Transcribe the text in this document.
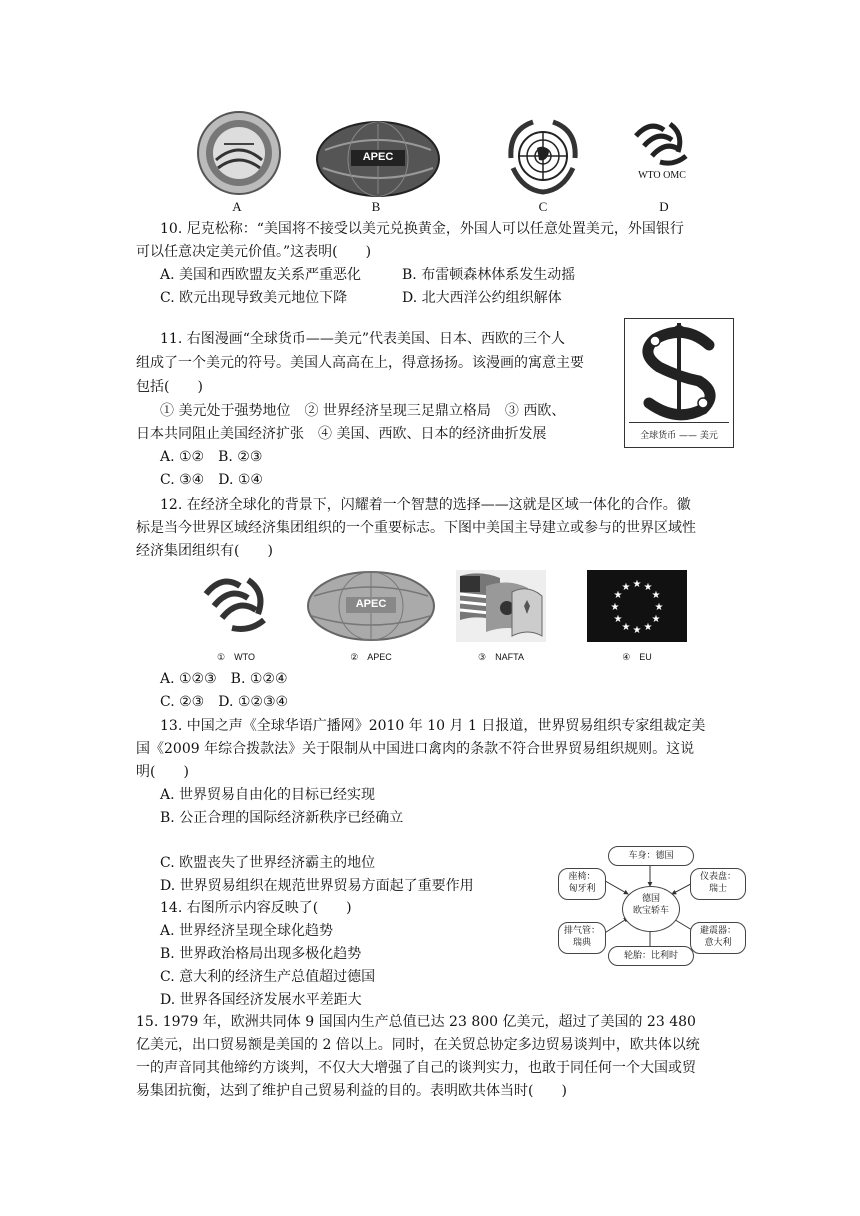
A
APEC
B	C
WTO OMC
D
10. 尼克松称：“美国将不接受以美元兑换黄金，外国人可以任意处置美元，外国银行
可以任意决定美元价值。”这表明(　　)
A. 美国和西欧盟友关系严重恶化	B. 布雷顿森林体系发生动摇
C. 欧元出现导致美元地位下降	D. 北大西洋公约组织解体
11. 右图漫画“全球货币——美元”代表美国、日本、西欧的三个人
组成了一个美元的符号。美国人高高在上，得意扬扬。该漫画的寓意主要
包括(　　)
① 美元处于强势地位　② 世界经济呈现三足鼎立格局　③ 西欧、
日本共同阻止美国经济扩张　④ 美国、西欧、日本的经济曲折发展
A. ①②　B. ②③
C. ③④　D. ①④
全球货币 —— 美元
12. 在经济全球化的背景下，闪耀着一个智慧的选择——这就是区域一体化的合作。徽
标是当今世界区域经济集团组织的一个重要标志。下图中美国主导建立或参与的世界区域性
经济集团组织有(　　)
①　WTO
APEC
②　APEC	③　NAFTA
★ ★
★
★
★
★
★
★
★
★
★
★
④　EU
A. ①②③　B. ①②④
C. ②③　D. ①②③④
13. 中国之声《全球华语广播网》2010 年 10 月 1 日报道，世界贸易组织专家组裁定美
国《2009 年综合拨款法》关于限制从中国进口禽肉的条款不符合世界贸易组织规则。这说
明(　　)
A. 世界贸易自由化的目标已经实现
B. 公正合理的国际经济新秩序已经确立
C. 欧盟丧失了世界经济霸主的地位
D. 世界贸易组织在规范世界贸易方面起了重要作用
14. 右图所示内容反映了(　　)
A. 世界经济呈现全球化趋势
B. 世界政治格局出现多极化趋势
C. 意大利的经济生产总值超过德国
D. 世界各国经济发展水平差距大
车身：德国
座椅：
匈牙利
仪表盘：
瑞士
德国
欧宝轿车
排气管：
瑞典
避震器：
意大利
轮胎：比利时
15. 1979 年，欧洲共同体 9 国国内生产总值已达 23 800 亿美元，超过了美国的 23 480
亿美元，出口贸易额是美国的 2 倍以上。同时，在关贸总协定多边贸易谈判中，欧共体以统
一的声音同其他缔约方谈判，不仅大大增强了自己的谈判实力，也敢于同任何一个大国或贸
易集团抗衡，达到了维护自己贸易利益的目的。表明欧共体当时(　　)
